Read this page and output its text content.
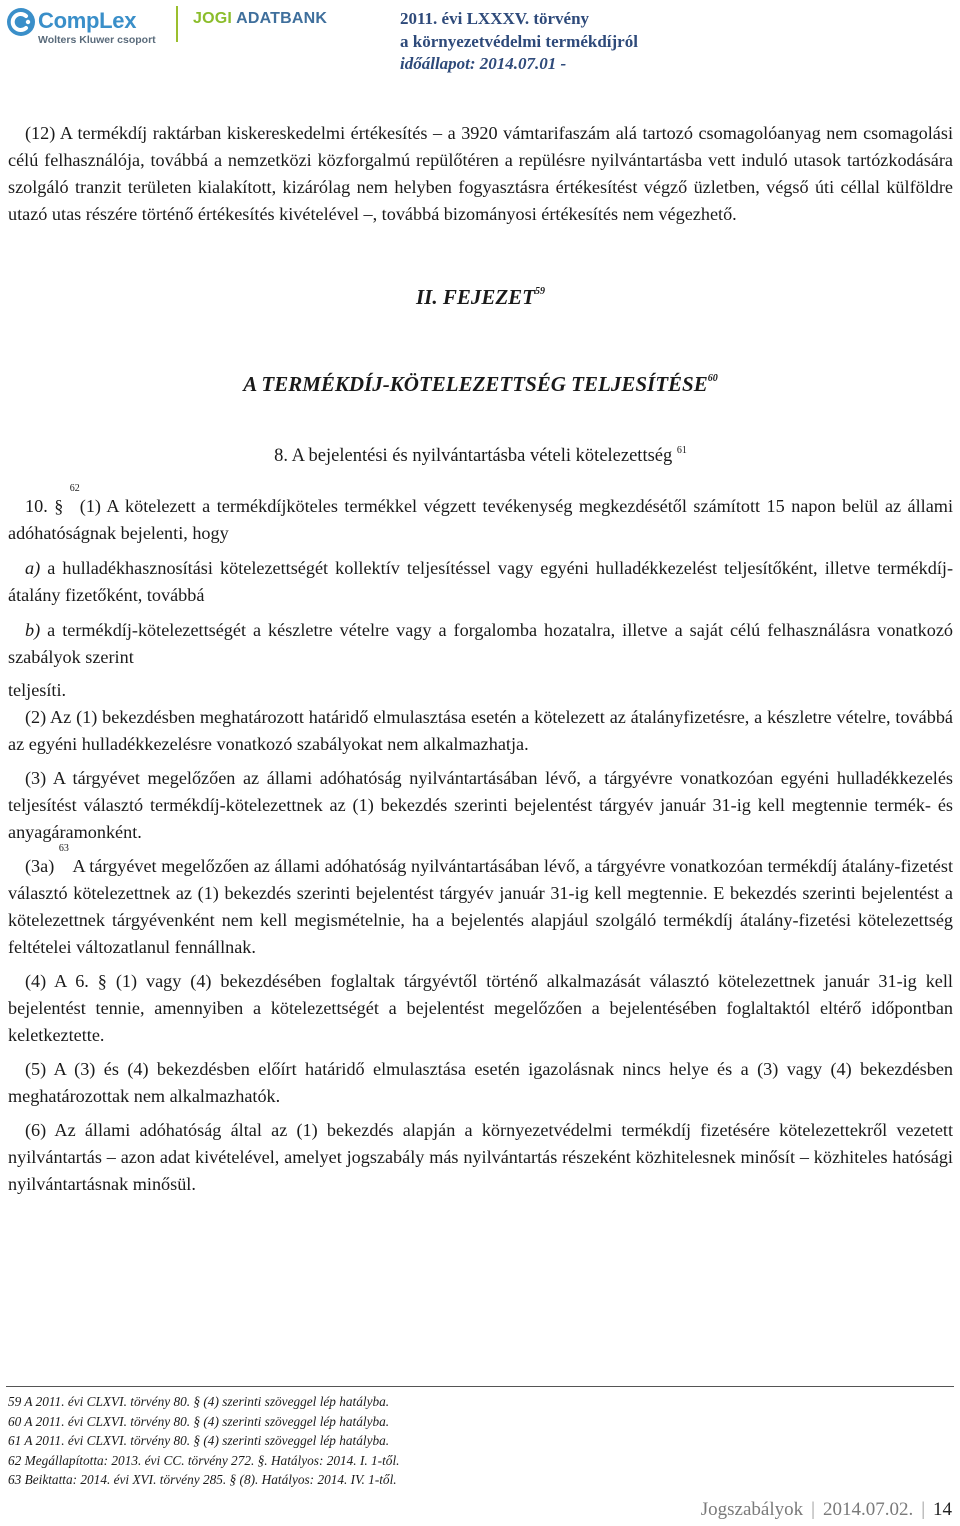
CompLex
Wolters Kluwer csoport
JOGI ADATBANK	2011. évi LXXXV. törvény
a környezetvédelmi termékdíjról
időállapot: 2014.07.01 -

(12) A termékdíj raktárban kiskereskedelmi értékesítés – a 3920 vámtarifaszám alá tartozó csomagolóanyag nem csomagolási célú felhasználója, továbbá a nemzetközi közforgalmú repülőtéren a repülésre nyilvántartásba vett induló utasok tartózkodására szolgáló tranzit területen kialakított, kizárólag nem helyben fogyasztásra értékesítést végző üzletben, végső úti céllal külföldre utazó utas részére történő értékesítés kivételével –, továbbá bizományosi értékesítés nem végezhető.

II. FEJEZET$^{59}$
A TERMÉKDÍJ-KÖTELEZETTSÉG TELJESÍTÉSE$^{60}$
8. A bejelentési és nyilvántartásba vételi kötelezettség $^{61}$

10. § $^{62}$(1) A kötelezett a termékdíjköteles termékkel végzett tevékenység megkezdésétől számított 15 napon belül az állami adóhatóságnak bejelenti, hogy

a) a hulladékhasznosítási kötelezettségét kollektív teljesítéssel vagy egyéni hulladékkezelést teljesítőként, illetve termékdíj-átalány fizetőként, továbbá

b) a termékdíj-kötelezettségét a készletre vételre vagy a forgalomba hozatalra, illetve a saját célú felhasználásra vonatkozó szabályok szerint

teljesíti.

(2) Az (1) bekezdésben meghatározott határidő elmulasztása esetén a kötelezett az átalányfizetésre, a készletre vételre, továbbá az egyéni hulladékkezelésre vonatkozó szabályokat nem alkalmazhatja.

(3) A tárgyévet megelőzően az állami adóhatóság nyilvántartásában lévő, a tárgyévre vonatkozóan egyéni hulladékkezelés teljesítést választó termékdíj-kötelezettnek az (1) bekezdés szerinti bejelentést tárgyév január 31-ig kell megtennie termék- és anyagáramonként.

(3a) $^{63}$ A tárgyévet megelőzően az állami adóhatóság nyilvántartásában lévő, a tárgyévre vonatkozóan termékdíj átalány-fizetést választó kötelezettnek az (1) bekezdés szerinti bejelentést tárgyév január 31-ig kell megtennie. E bekezdés szerinti bejelentést a kötelezettnek tárgyévenként nem kell megismételnie, ha a bejelentés alapjául szolgáló termékdíj átalány-fizetési kötelezettség feltételei változatlanul fennállnak.

(4) A 6. § (1) vagy (4) bekezdésében foglaltak tárgyévtől történő alkalmazását választó kötelezettnek január 31-ig kell bejelentést tennie, amennyiben a kötelezettségét a bejelentést megelőzően a bejelentésében foglaltaktól eltérő időpontban keletkeztette.

(5) A (3) és (4) bekezdésben előírt határidő elmulasztása esetén igazolásnak nincs helye és a (3) vagy (4) bekezdésben meghatározottak nem alkalmazhatók.

(6) Az állami adóhatóság által az (1) bekezdés alapján a környezetvédelmi termékdíj fizetésére kötelezettekről vezetett nyilvántartás – azon adat kivételével, amelyet jogszabály más nyilvántartás részeként közhitelesnek minősít – közhiteles hatósági nyilvántartásnak minősül.

59 A 2011. évi CLXVI. törvény 80. § (4) szerinti szöveggel lép hatályba.
60 A 2011. évi CLXVI. törvény 80. § (4) szerinti szöveggel lép hatályba.
61 A 2011. évi CLXVI. törvény 80. § (4) szerinti szöveggel lép hatályba.
62 Megállapította: 2013. évi CC. törvény 272. §. Hatályos: 2014. I. 1-től.
63 Beiktatta: 2014. évi XVI. törvény 285. § (8). Hatályos: 2014. IV. 1-től.
Jogszabályok | 2014.07.02. | 14
